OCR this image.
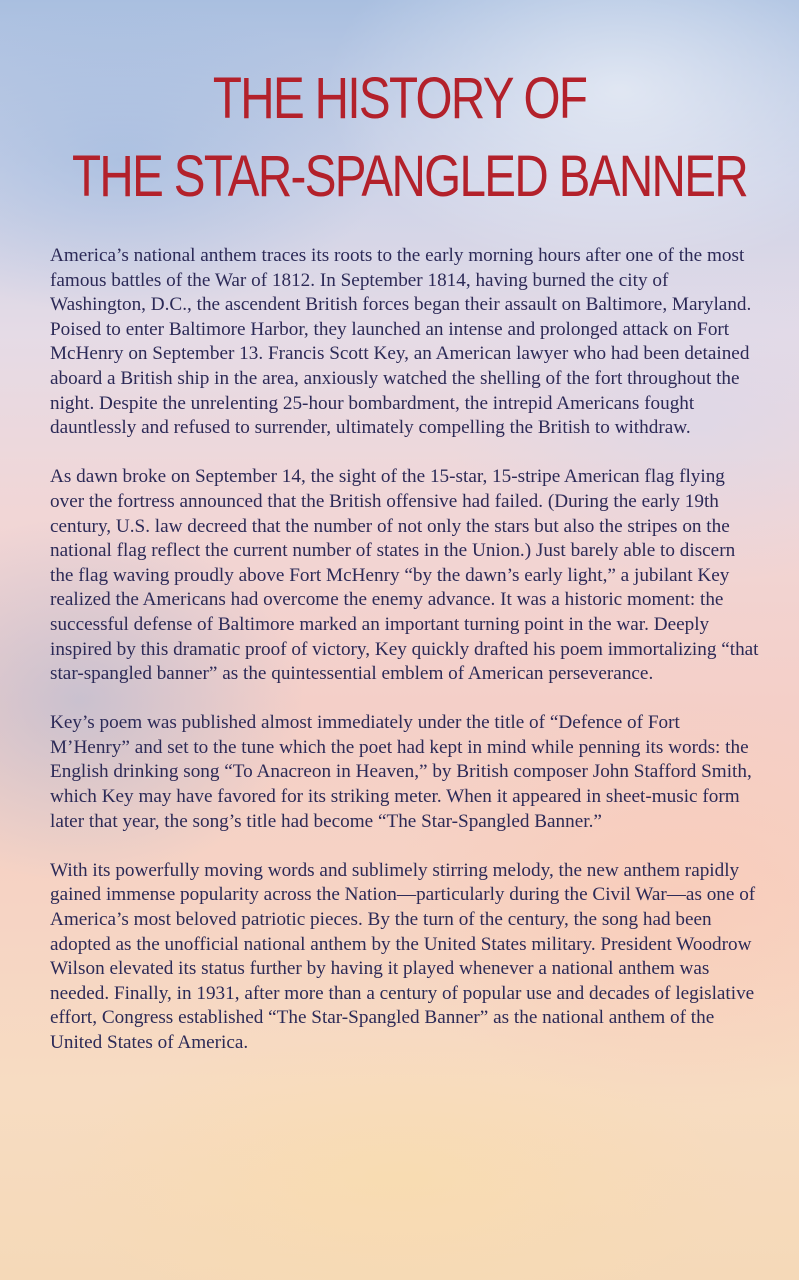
THE HISTORY OF
THE STAR-SPANGLED BANNER

America’s national anthem traces its roots to the early morning hours after one of the most famous battles of the War of 1812. In September 1814, having burned the city of Washington, D.C., the ascendent British forces began their assault on Baltimore, Maryland. Poised to enter Baltimore Harbor, they launched an intense and prolonged attack on Fort McHenry on September 13. Francis Scott Key, an American lawyer who had been detained aboard a British ship in the area, anxiously watched the shelling of the fort throughout the night. Despite the unrelenting 25-hour bombardment, the intrepid Americans fought dauntlessly and refused to surrender, ultimately compelling the British to withdraw.

As dawn broke on September 14, the sight of the 15-star, 15-stripe American flag flying over the fortress announced that the British offensive had failed. (During the early 19th century, U.S. law decreed that the number of not only the stars but also the stripes on the national flag reflect the current number of states in the Union.) Just barely able to discern the flag waving proudly above Fort McHenry “by the dawn’s early light,” a jubilant Key realized the Americans had overcome the enemy advance. It was a historic moment: the successful defense of Baltimore marked an important turning point in the war. Deeply inspired by this dramatic proof of victory, Key quickly drafted his poem immortalizing “that star-spangled banner” as the quintessential emblem of American perseverance.

Key’s poem was published almost immediately under the title of “Defence of Fort M’Henry” and set to the tune which the poet had kept in mind while penning its words: the English drinking song “To Anacreon in Heaven,” by British composer John Stafford Smith, which Key may have favored for its striking meter. When it appeared in sheet-music form later that year, the song’s title had become “The Star-Spangled Banner.”

With its powerfully moving words and sublimely stirring melody, the new anthem rapidly gained immense popularity across the Nation—particularly during the Civil War—as one of America’s most beloved patriotic pieces. By the turn of the century, the song had been adopted as the unofficial national anthem by the United States military. President Woodrow Wilson elevated its status further by having it played whenever a national anthem was needed. Finally, in 1931, after more than a century of popular use and decades of legislative effort, Congress established “The Star-Spangled Banner” as the national anthem of the United States of America.
